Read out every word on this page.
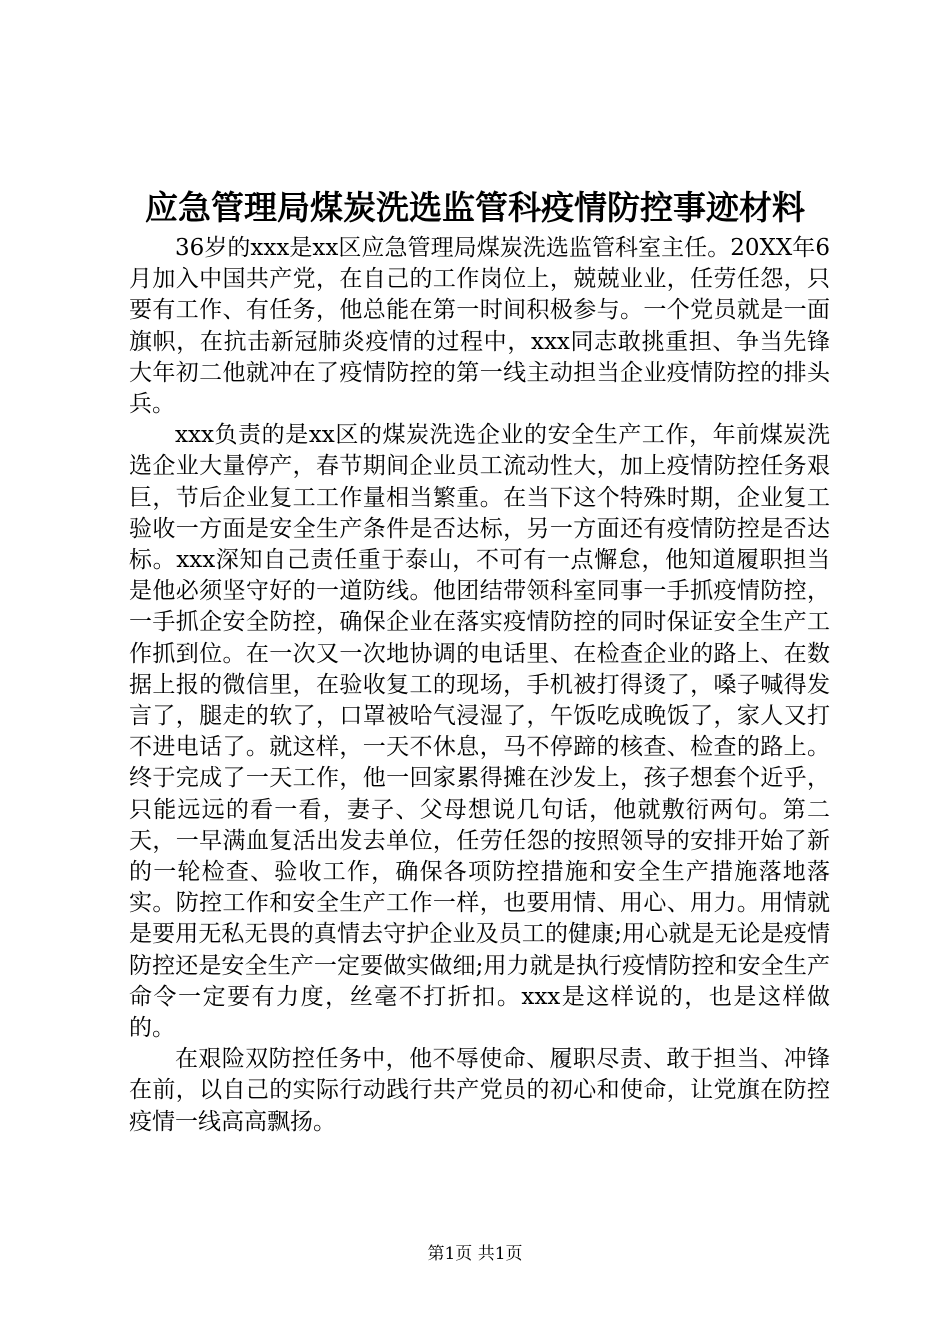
应急管理局煤炭洗选监管科疫情防控事迹材料

36岁的xxx是xx区应急管理局煤炭洗选监管科室主任。20XX年6月加入中国共产党，在自己的工作岗位上，兢兢业业，任劳任怨，只要有工作、有任务，他总能在第一时间积极参与。一个党员就是一面旗帜，在抗击新冠肺炎疫情的过程中，xxx同志敢挑重担、争当先锋大年初二他就冲在了疫情防控的第一线主动担当企业疫情防控的排头兵。

xxx负责的是xx区的煤炭洗选企业的安全生产工作，年前煤炭洗选企业大量停产，春节期间企业员工流动性大，加上疫情防控任务艰巨，节后企业复工工作量相当繁重。在当下这个特殊时期，企业复工验收一方面是安全生产条件是否达标，另一方面还有疫情防控是否达标。xxx深知自己责任重于泰山，不可有一点懈怠，他知道履职担当是他必须坚守好的一道防线。他团结带领科室同事一手抓疫情防控，一手抓企安全防控，确保企业在落实疫情防控的同时保证安全生产工作抓到位。在一次又一次地协调的电话里、在检查企业的路上、在数据上报的微信里，在验收复工的现场，手机被打得烫了，嗓子喊得发言了，腿走的软了，口罩被哈气浸湿了，午饭吃成晚饭了，家人又打不进电话了。就这样，一天不休息，马不停蹄的核查、检查的路上。终于完成了一天工作，他一回家累得摊在沙发上，孩子想套个近乎，只能远远的看一看，妻子、父母想说几句话，他就敷衍两句。第二天，一早满血复活出发去单位，任劳任怨的按照领导的安排开始了新的一轮检查、验收工作，确保各项防控措施和安全生产措施落地落实。防控工作和安全生产工作一样，也要用情、用心、用力。用情就是要用无私无畏的真情去守护企业及员工的健康;用心就是无论是疫情防控还是安全生产一定要做实做细;用力就是执行疫情防控和安全生产命令一定要有力度，丝毫不打折扣。xxx是这样说的，也是这样做的。

在艰险双防控任务中，他不辱使命、履职尽责、敢于担当、冲锋在前，以自己的实际行动践行共产党员的初心和使命，让党旗在防控疫情一线高高飘扬。

第1页 共1页
